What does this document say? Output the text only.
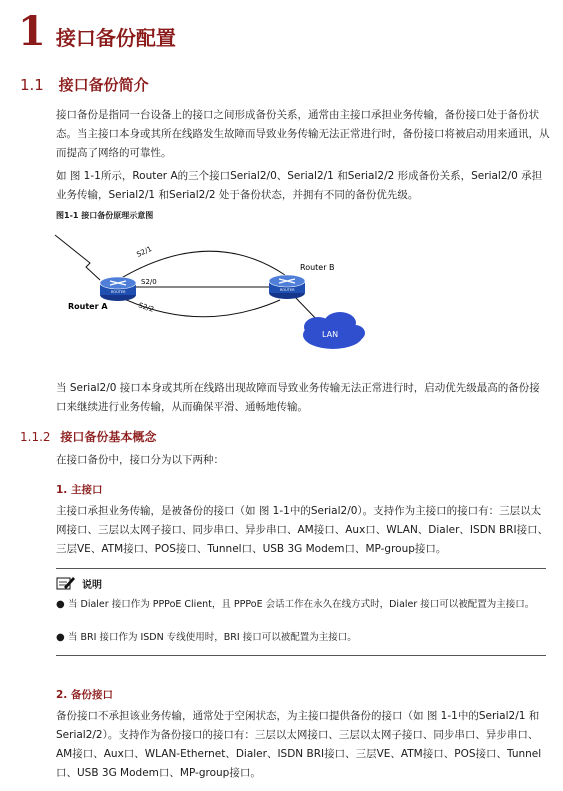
1 接口备份配置
1.1 接口备份简介
接口备份是指同一台设备上的接口之间形成备份关系，通常由主接口承担业务传输，备份接口处于备份状态。当主接口本身或其所在线路发生故障而导致业务传输无法正常进行时，备份接口将被启动用来通讯，从而提高了网络的可靠性。
如 图 1-1所示，Router A的三个接口Serial2/0、Serial2/1 和Serial2/2 形成备份关系，Serial2/0 承担业务传输，Serial2/1 和Serial2/2 处于备份状态，并拥有不同的备份优先级。
图1-1 接口备份原理示意图
S2/1
S2/0
S2/2
ROUTER
Router A
ROUTER
Router B
LAN
当 Serial2/0 接口本身或其所在线路出现故障而导致业务传输无法正常进行时，启动优先级最高的备份接口来继续进行业务传输，从而确保平滑、通畅地传输。
1.1.2 接口备份基本概念
在接口备份中，接口分为以下两种：
1. 主接口
主接口承担业务传输，是被备份的接口（如 图 1-1中的Serial2/0）。支持作为主接口的接口有：三层以太网接口、三层以太网子接口、同步串口、异步串口、AM接口、Aux口、WLAN、Dialer、ISDN BRI接口、三层VE、ATM接口、POS接口、Tunnel口、USB 3G Modem口、MP-group接口。
说明
● 当 Dialer 接口作为 PPPoE Client，且 PPPoE 会话工作在永久在线方式时，Dialer 接口可以被配置为主接口。
● 当 BRI 接口作为 ISDN 专线使用时，BRI 接口可以被配置为主接口。
2. 备份接口
备份接口不承担该业务传输，通常处于空闲状态，为主接口提供备份的接口（如 图 1-1中的Serial2/1 和Serial2/2）。支持作为备份接口的接口有：三层以太网接口、三层以太网子接口、同步串口、异步串口、AM接口、Aux口、WLAN-Ethernet、Dialer、ISDN BRI接口、三层VE、ATM接口、POS接口、Tunnel口、USB 3G Modem口、MP-group接口。
